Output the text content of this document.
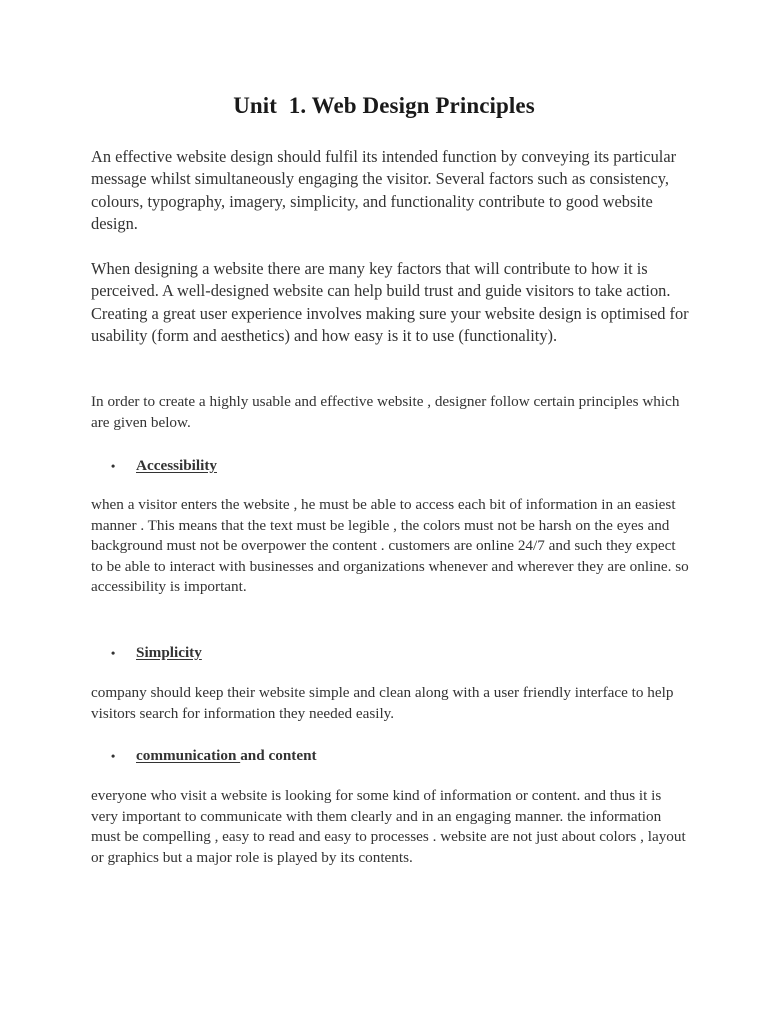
Unit  1. Web Design Principles

An effective website design should fulfil its intended function by conveying its particular message whilst simultaneously engaging the visitor. Several factors such as consistency, colours, typography, imagery, simplicity, and functionality contribute to good website design.

When designing a website there are many key factors that will contribute to how it is perceived. A well-designed website can help build trust and guide visitors to take action. Creating a great user experience involves making sure your website design is optimised for usability (form and aesthetics) and how easy is it to use (functionality).

In order to create a highly usable and effective website , designer follow certain principles which are given below.

•	Accessibility

when a visitor enters the website , he must be able to access each bit of information in an easiest manner . This means that the text must be legible , the colors must not be harsh on the eyes and background must not be overpower the content . customers are online 24/7 and such they expect to be able to interact with businesses and organizations whenever and wherever they are online. so accessibility is important.

•	Simplicity

company should keep their website simple and clean along with a user friendly interface to help visitors search for information they needed easily.

•	communication and content

everyone who visit a website is looking for some kind of information or content. and thus it is very important to communicate with them clearly and in an engaging manner. the information must be compelling , easy to read and easy to processes . website are not just about colors , layout or graphics but a major role is played by its contents.
